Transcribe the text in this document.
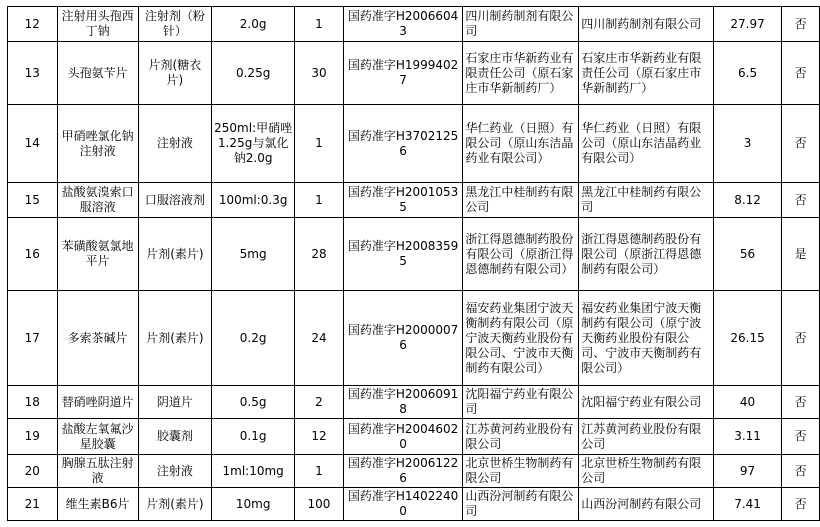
12	注射用头孢西丁钠	注射剂（粉针）	2.0g	1	国药准字H20066043	四川制药制剂有限公司	四川制药制剂有限公司	27.97	否
13	头孢氨苄片	片剂(糖衣片)	0.25g	30	国药准字H19994027	石家庄市华新药业有限责任公司（原石家庄市华新制药厂）	石家庄市华新药业有限责任公司（原石家庄市华新制药厂）	6.5	否
14	甲硝唑氯化钠注射液	注射液	250ml:甲硝唑1.25g与氯化钠2.0g	1	国药准字H37021256	华仁药业（日照）有限公司（原山东洁晶药业有限公司）	华仁药业（日照）有限公司（原山东洁晶药业有限公司）	3	否
15	盐酸氨溴索口服溶液	口服溶液剂	100ml:0.3g	1	国药准字H20010535	黑龙江中桂制药有限公司	黑龙江中桂制药有限公司	8.12	否
16	苯磺酸氨氯地平片	片剂(素片)	5mg	28	国药准字H20083595	浙江得恩德制药股份有限公司（原浙江得恩德制药有限公司）	浙江得恩德制药股份有限公司（原浙江得恩德制药有限公司）	56	是
17	多索茶碱片	片剂(素片)	0.2g	24	国药准字H20000076	福安药业集团宁波天衡制药有限公司（原宁波天衡药业股份有限公司、宁波市天衡制药有限公司）	福安药业集团宁波天衡制药有限公司（原宁波天衡药业股份有限公司、宁波市天衡制药有限公司）	26.15	否
18	替硝唑阴道片	阴道片	0.5g	2	国药准字H20060918	沈阳福宁药业有限公司	沈阳福宁药业有限公司	40	否
19	盐酸左氧氟沙星胶囊	胶囊剂	0.1g	12	国药准字H20046020	江苏黄河药业股份有限公司	江苏黄河药业股份有限公司	3.11	否
20	胸腺五肽注射液	注射液	1ml:10mg	1	国药准字H20061226	北京世桥生物制药有限公司	北京世桥生物制药有限公司	97	否
21	维生素B6片	片剂(素片)	10mg	100	国药准字H14022400	山西汾河制药有限公司	山西汾河制药有限公司	7.41	否
